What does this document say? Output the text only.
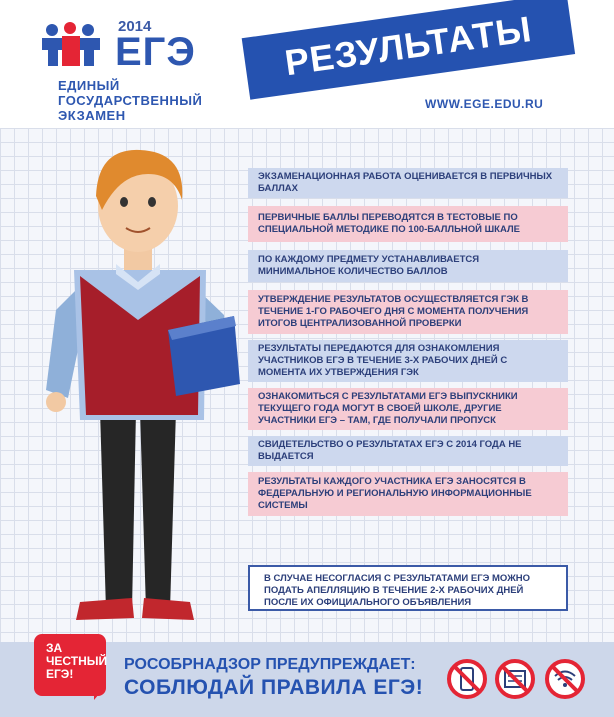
2014
ЕГЭ
ЕДИНЫЙ
ГОСУДАРСТВЕННЫЙ
ЭКЗАМЕН
РЕЗУЛЬТАТЫ
WWW.EGE.EDU.RU
ЭКЗАМЕНАЦИОННАЯ РАБОТА ОЦЕНИВАЕТСЯ В ПЕРВИЧНЫХ БАЛЛАХ
ПЕРВИЧНЫЕ БАЛЛЫ ПЕРЕВОДЯТСЯ В ТЕСТОВЫЕ ПО СПЕЦИАЛЬНОЙ МЕТОДИКЕ ПО 100-БАЛЛЬНОЙ ШКАЛЕ
ПО КАЖДОМУ ПРЕДМЕТУ УСТАНАВЛИВАЕТСЯ МИНИМАЛЬНОЕ КОЛИЧЕСТВО БАЛЛОВ
УТВЕРЖДЕНИЕ РЕЗУЛЬТАТОВ ОСУЩЕСТВЛЯЕТСЯ ГЭК В ТЕЧЕНИЕ 1-ГО РАБОЧЕГО ДНЯ С МОМЕНТА ПОЛУЧЕНИЯ ИТОГОВ ЦЕНТРАЛИЗОВАННОЙ ПРОВЕРКИ
РЕЗУЛЬТАТЫ ПЕРЕДАЮТСЯ ДЛЯ ОЗНАКОМЛЕНИЯ УЧАСТНИКОВ ЕГЭ В ТЕЧЕНИЕ 3-Х РАБОЧИХ ДНЕЙ С МОМЕНТА ИХ УТВЕРЖДЕНИЯ ГЭК
ОЗНАКОМИТЬСЯ С РЕЗУЛЬТАТАМИ ЕГЭ ВЫПУСКНИКИ ТЕКУЩЕГО ГОДА МОГУТ В СВОЕЙ ШКОЛЕ, ДРУГИЕ УЧАСТНИКИ ЕГЭ – ТАМ, ГДЕ ПОЛУЧАЛИ ПРОПУСК
СВИДЕТЕЛЬСТВО О РЕЗУЛЬТАТАХ ЕГЭ С 2014 ГОДА НЕ ВЫДАЕТСЯ
РЕЗУЛЬТАТЫ КАЖДОГО УЧАСТНИКА ЕГЭ ЗАНОСЯТСЯ В ФЕДЕРАЛЬНУЮ И РЕГИОНАЛЬНУЮ ИНФОРМАЦИОННЫЕ СИСТЕМЫ
В СЛУЧАЕ НЕСОГЛАСИЯ С РЕЗУЛЬТАТАМИ ЕГЭ МОЖНО ПОДАТЬ АПЕЛЛЯЦИЮ В ТЕЧЕНИЕ 2-Х РАБОЧИХ ДНЕЙ ПОСЛЕ ИХ ОФИЦИАЛЬНОГО ОБЪЯВЛЕНИЯ
ЗА
ЧЕСТНЫЙ
ЕГЭ!
РОСОБРНАДЗОР ПРЕДУПРЕЖДАЕТ:
СОБЛЮДАЙ ПРАВИЛА ЕГЭ!
